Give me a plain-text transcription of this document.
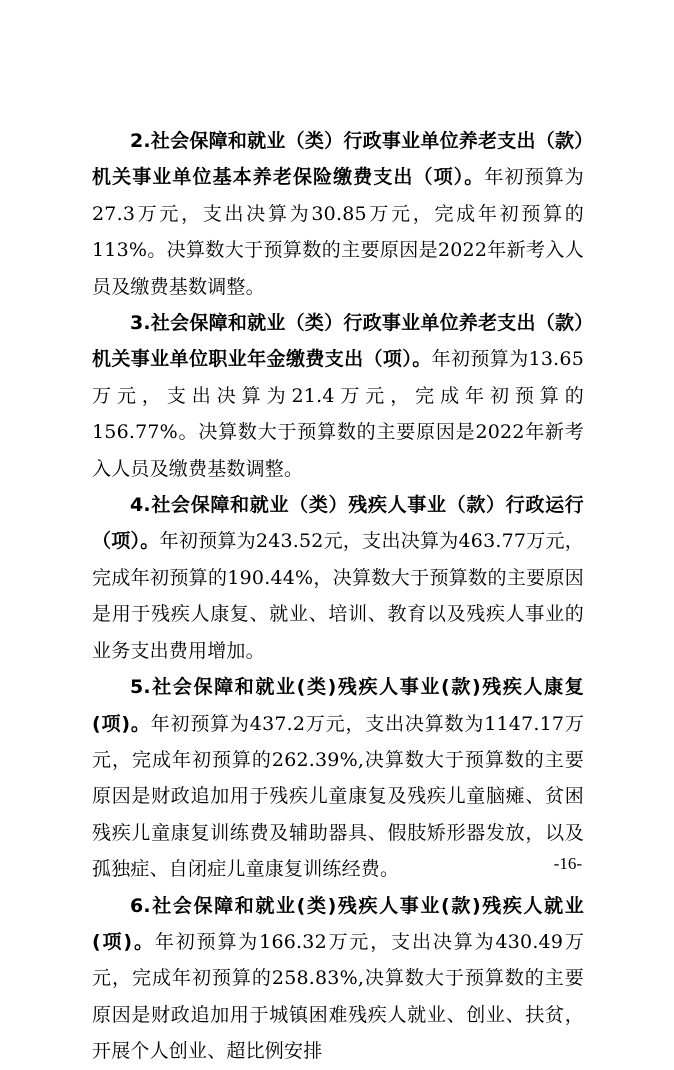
2.社会保障和就业（类）行政事业单位养老支出（款）机关事业单位基本养老保险缴费支出（项）。年初预算为27.3万元，支出决算为30.85万元，完成年初预算的113%。决算数大于预算数的主要原因是2022年新考入人员及缴费基数调整。

3.社会保障和就业（类）行政事业单位养老支出（款）机关事业单位职业年金缴费支出（项）。年初预算为13.65万元，支出决算为21.4万元，完成年初预算的156.77%。决算数大于预算数的主要原因是2022年新考入人员及缴费基数调整。

4.社会保障和就业（类）残疾人事业（款）行政运行（项）。年初预算为243.52元，支出决算为463.77万元，完成年初预算的190.44%，决算数大于预算数的主要原因是用于残疾人康复、就业、培训、教育以及残疾人事业的业务支出费用增加。

5.社会保障和就业(类)残疾人事业(款)残疾人康复(项)。年初预算为437.2万元，支出决算数为1147.17万元，完成年初预算的262.39%,决算数大于预算数的主要原因是财政追加用于残疾儿童康复及残疾儿童脑瘫、贫困残疾儿童康复训练费及辅助器具、假肢矫形器发放，以及孤独症、自闭症儿童康复训练经费。

6.社会保障和就业(类)残疾人事业(款)残疾人就业(项)。年初预算为166.32万元，支出决算为430.49万元，完成年初预算的258.83%,决算数大于预算数的主要原因是财政追加用于城镇困难残疾人就业、创业、扶贫，开展个人创业、超比例安排

-16-
